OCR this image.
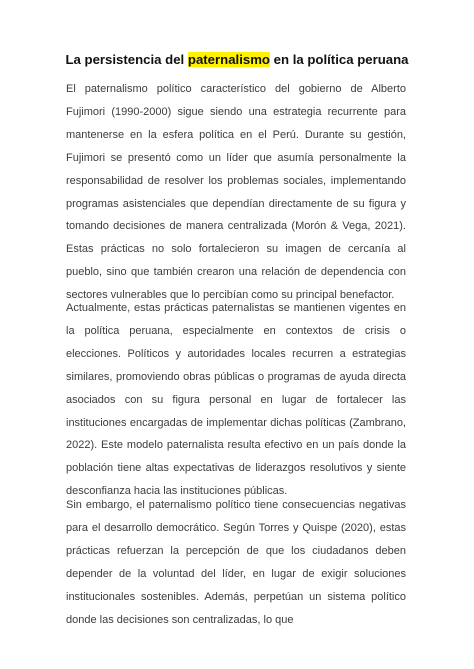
La persistencia del paternalismo en la política peruana

El paternalismo político característico del gobierno de Alberto Fujimori (1990-2000) sigue siendo una estrategia recurrente para mantenerse en la esfera política en el Perú. Durante su gestión, Fujimori se presentó como un líder que asumía personalmente la responsabilidad de resolver los problemas sociales, implementando programas asistenciales que dependían directamente de su figura y tomando decisiones de manera centralizada (Morón & Vega, 2021). Estas prácticas no solo fortalecieron su imagen de cercanía al pueblo, sino que también crearon una relación de dependencia con sectores vulnerables que lo percibían como su principal benefactor.

Actualmente, estas prácticas paternalistas se mantienen vigentes en la política peruana, especialmente en contextos de crisis o elecciones. Políticos y autoridades locales recurren a estrategias similares, promoviendo obras públicas o programas de ayuda directa asociados con su figura personal en lugar de fortalecer las instituciones encargadas de implementar dichas políticas (Zambrano, 2022). Este modelo paternalista resulta efectivo en un país donde la población tiene altas expectativas de liderazgos resolutivos y siente desconfianza hacia las instituciones públicas.

Sin embargo, el paternalismo político tiene consecuencias negativas para el desarrollo democrático. Según Torres y Quispe (2020), estas prácticas refuerzan la percepción de que los ciudadanos deben depender de la voluntad del líder, en lugar de exigir soluciones institucionales sostenibles. Además, perpetúan un sistema político donde las decisiones son centralizadas, lo que
